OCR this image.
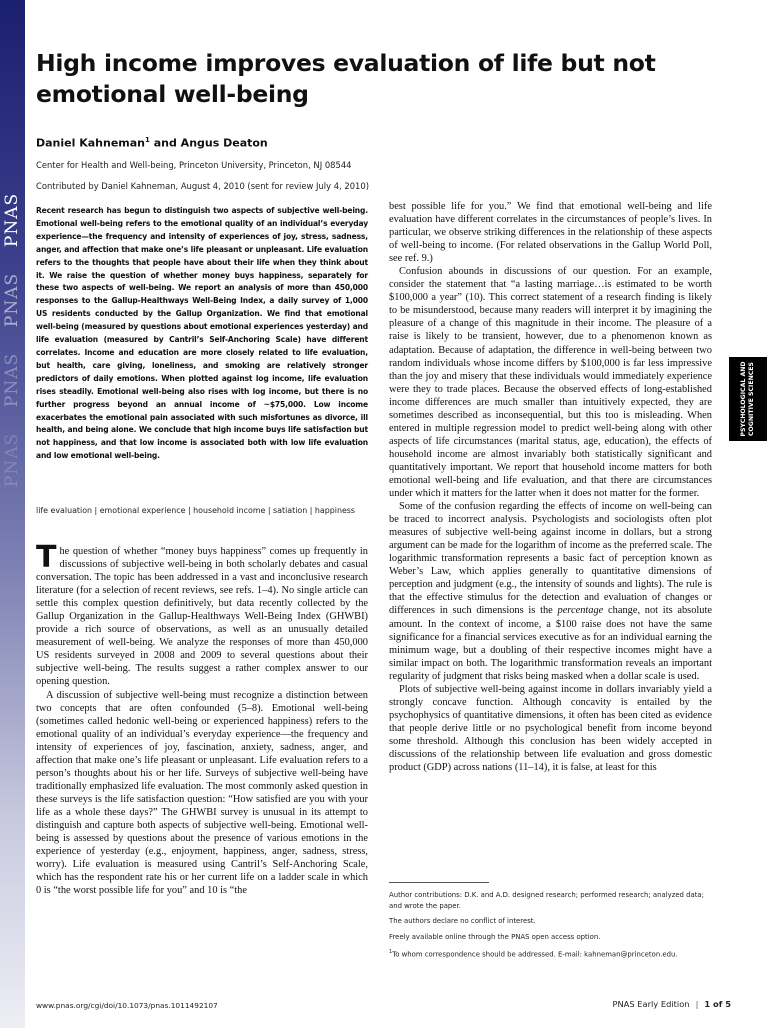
PNAS
PNAS
PNAS
PNAS
High income improves evaluation of life but not emotional well-being
Daniel Kahneman$^1$ and Angus Deaton
Center for Health and Well-being, Princeton University, Princeton, NJ 08544
Contributed by Daniel Kahneman, August 4, 2010 (sent for review July 4, 2010)
Recent research has begun to distinguish two aspects of subjective well-being. Emotional well-being refers to the emotional quality of an individual’s everyday experience—the frequency and intensity of experiences of joy, stress, sadness, anger, and affection that make one’s life pleasant or unpleasant. Life evaluation refers to the thoughts that people have about their life when they think about it. We raise the question of whether money buys happiness, separately for these two aspects of well-being. We report an analysis of more than 450,000 responses to the Gallup-Healthways Well-Being Index, a daily survey of 1,000 US residents conducted by the Gallup Organization. We find that emotional well-being (measured by questions about emotional experiences yesterday) and life evaluation (measured by Cantril’s Self-Anchoring Scale) have different correlates. Income and education are more closely related to life evaluation, but health, care giving, loneliness, and smoking are relatively stronger predictors of daily emotions. When plotted against log income, life evaluation rises steadily. Emotional well-being also rises with log income, but there is no further progress beyond an annual income of ~$75,000. Low income exacerbates the emotional pain associated with such misfortunes as divorce, ill health, and being alone. We conclude that high income buys life satisfaction but not happiness, and that low income is associated both with low life evaluation and low emotional well-being.
life evaluation | emotional experience | household income | satiation | happiness

The question of whether “money buys happiness” comes up frequently in discussions of subjective well-being in both scholarly debates and casual conversation. The topic has been addressed in a vast and inconclusive research literature (for a selection of recent reviews, see refs. 1–4). No single article can settle this complex question definitively, but data recently collected by the Gallup Organization in the Gallup-Healthways Well-Being Index (GHWBI) provide a rich source of observations, as well as an unusually detailed measurement of well-being. We analyze the responses of more than 450,000 US residents surveyed in 2008 and 2009 to several questions about their subjective well-being. The results suggest a rather complex answer to our opening question.

A discussion of subjective well-being must recognize a distinction between two concepts that are often confounded (5–8). Emotional well-being (sometimes called hedonic well-being or experienced happiness) refers to the emotional quality of an individual’s everyday experience—the frequency and intensity of experiences of joy, fascination, anxiety, sadness, anger, and affection that make one’s life pleasant or unpleasant. Life evaluation refers to a person’s thoughts about his or her life. Surveys of subjective well-being have traditionally emphasized life evaluation. The most commonly asked question in these surveys is the life satisfaction question: “How satisfied are you with your life as a whole these days?” The GHWBI survey is unusual in its attempt to distinguish and capture both aspects of subjective well-being. Emotional well-being is assessed by questions about the presence of various emotions in the experience of yesterday (e.g., enjoyment, happiness, anger, sadness, stress, worry). Life evaluation is measured using Cantril’s Self-Anchoring Scale, which has the respondent rate his or her current life on a ladder scale in which 0 is “the worst possible life for you” and 10 is “the

best possible life for you.” We find that emotional well-being and life evaluation have different correlates in the circumstances of people’s lives. In particular, we observe striking differences in the relationship of these aspects of well-being to income. (For related observations in the Gallup World Poll, see ref. 9.)

Confusion abounds in discussions of our question. For an example, consider the statement that “a lasting marriage…is estimated to be worth $100,000 a year” (10). This correct statement of a research finding is likely to be misunderstood, because many readers will interpret it by imagining the pleasure of a change of this magnitude in their income. The pleasure of a raise is likely to be transient, however, due to a phenomenon known as adaptation. Because of adaptation, the difference in well-being between two random individuals whose income differs by $100,000 is far less impressive than the joy and misery that these individuals would immediately experience were they to trade places. Because the observed effects of long-established income differences are much smaller than intuitively expected, they are sometimes described as inconsequential, but this too is misleading. When entered in multiple regression model to predict well-being along with other aspects of life circumstances (marital status, age, education), the effects of household income are almost invariably both statistically significant and quantitatively important. We report that household income matters for both emotional well-being and life evaluation, and that there are circumstances under which it matters for the latter when it does not matter for the former.

Some of the confusion regarding the effects of income on well-being can be traced to incorrect analysis. Psychologists and sociologists often plot measures of subjective well-being against income in dollars, but a strong argument can be made for the logarithm of income as the preferred scale. The logarithmic transformation represents a basic fact of perception known as Weber’s Law, which applies generally to quantitative dimensions of perception and judgment (e.g., the intensity of sounds and lights). The rule is that the effective stimulus for the detection and evaluation of changes or differences in such dimensions is the percentage change, not its absolute amount. In the context of income, a $100 raise does not have the same significance for a financial services executive as for an individual earning the minimum wage, but a doubling of their respective incomes might have a similar impact on both. The logarithmic transformation reveals an important regularity of judgment that risks being masked when a dollar scale is used.

Plots of subjective well-being against income in dollars invariably yield a strongly concave function. Although concavity is entailed by the psychophysics of quantitative dimensions, it often has been cited as evidence that people derive little or no psychological benefit from income beyond some threshold. Although this conclusion has been widely accepted in discussions of the relationship between life evaluation and gross domestic product (GDP) across nations (11–14), it is false, at least for this

Author contributions: D.K. and A.D. designed research; performed research; analyzed data; and wrote the paper.

The authors declare no conflict of interest.

Freely available online through the PNAS open access option.

$^1$To whom correspondence should be addressed. E-mail: kahneman@princeton.edu.

www.pnas.org/cgi/doi/10.1073/pnas.1011492107	PNAS Early Edition | 1 of 5
PSYCHOLOGICAL AND COGNITIVE SCIENCES
